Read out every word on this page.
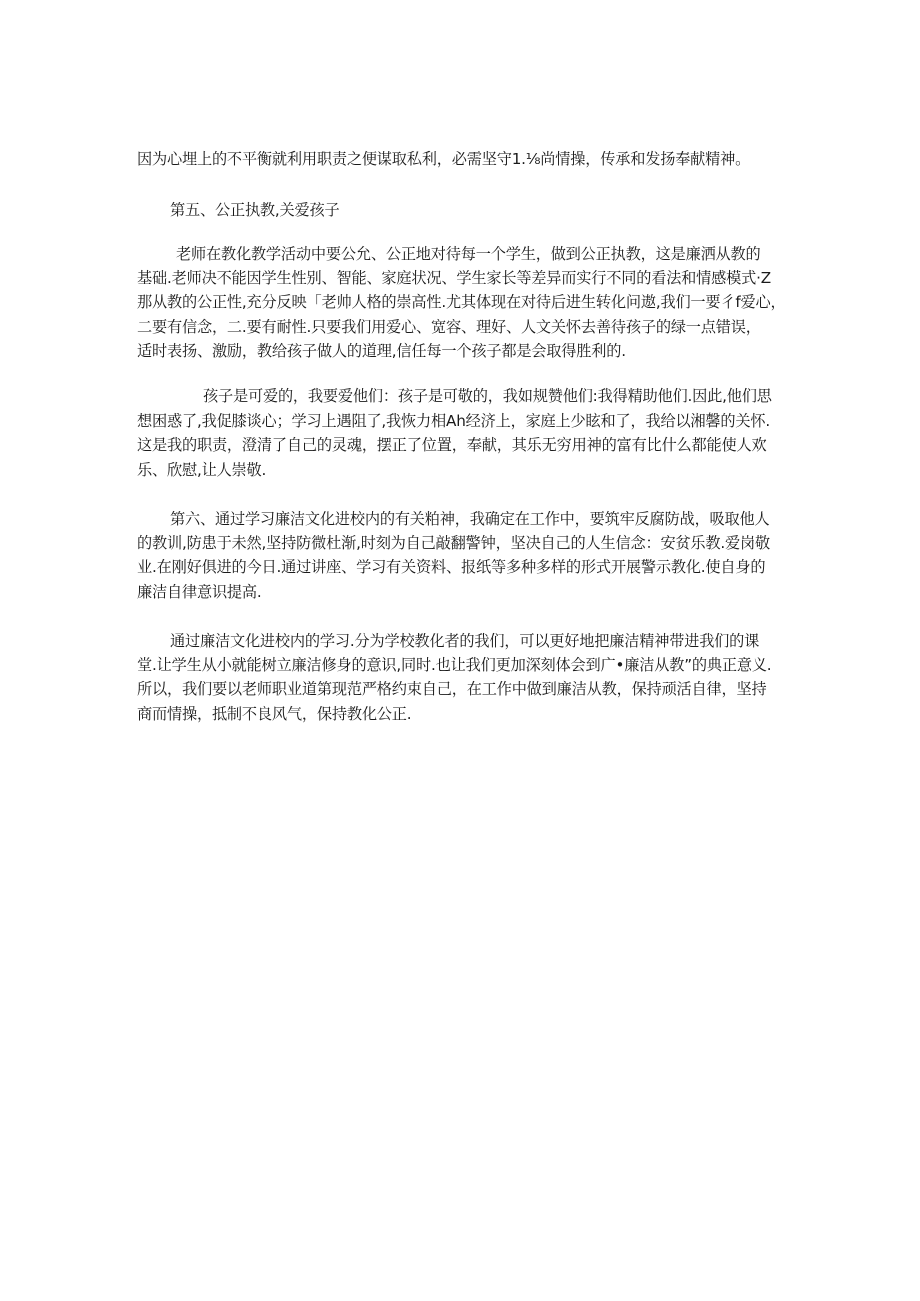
因为心埋上的不平衡就利用职责之便谋取私利，必需坚守1.⅛尚情操，传承和发扬奉献精神。
第五、公正执教,关爱孩子
老师在教化教学活动中要公允、公正地对待每一个学生，做到公正执教，这是廉洒从教的
基础.老师决不能因学生性别、智能、家庭状况、学生家长等差异而实行不同的看法和情感模式·Z
那从教的公正性,充分反映「老帅人格的崇高性.尤其体现在对待后进生转化问遨,我们一要彳f爱心，
二要有信念，二.要有耐性.只要我们用爱心、宽容、理好、人文关怀去善待孩子的绿一点错误，
适时表扬、激励，教给孩子做人的道理,信任每一个孩子都是会取得胜利的.
孩子是可爱的，我要爱他们：孩子是可敬的，我如规赞他们:我得精助他们.因此,他们思
想困惑了,我促膝谈心；学习上遇阻了,我恢力相Ah经济上，家庭上少眩和了，我给以湘馨的关怀.
这是我的职责，澄清了自己的灵魂，摆正了位置，奉献，其乐无穷用神的富有比什么都能使人欢
乐、欣慰,让人崇敬.
第六、通过学习廉洁文化进校内的有关粕神，我确定在工作中，要筑牢反腐防战，吸取他人
的教训,防患于未然,坚持防微杜渐,时刻为自己敲翻警钟，坚决自己的人生信念：安贫乐教.爱岗敬
业.在刚好俱进的今日.通过讲座、学习有关资料、报纸等多种多样的形式开展警示教化.使自身的
廉洁自律意识提高.
通过廉洁文化进校内的学习.分为学校教化者的我们，可以更好地把廉洁精神带进我们的课
堂.让学生从小就能树立廉洁修身的意识,同时.也让我们更加深刻体会到广•廉洁从教”的典正意义.
所以，我们要以老师职业道第现范严格约束自己，在工作中做到廉洁从教，保持顽活自律，坚持
商而情操，抵制不良风气，保持教化公正.
